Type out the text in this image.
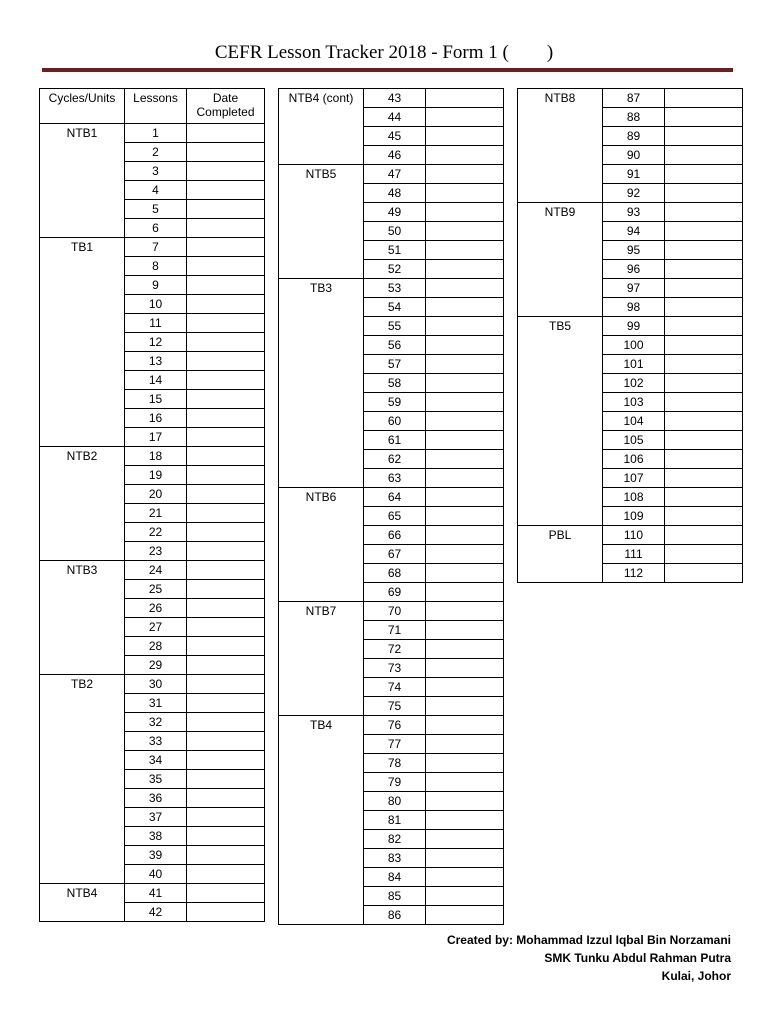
CEFR Lesson Tracker 2018 - Form 1 (        )
Cycles/Units	Lessons	Date Completed
NTB1	1	
	2	
	3	
	4	
	5	
	6	
TB1	7	
	8	
	9	
	10	
	11	
	12	
	13	
	14	
	15	
	16	
	17	
NTB2	18	
	19	
	20	
	21	
	22	
	23	
NTB3	24	
	25	
	26	
	27	
	28	
	29	
TB2	30	
	31	
	32	
	33	
	34	
	35	
	36	
	37	
	38	
	39	
	40	
NTB4	41	
	42	
NTB4 (cont)	43	
	44	
	45	
	46	
NTB5	47	
	48	
	49	
	50	
	51	
	52	
TB3	53	
	54	
	55	
	56	
	57	
	58	
	59	
	60	
	61	
	62	
	63	
NTB6	64	
	65	
	66	
	67	
	68	
	69	
NTB7	70	
	71	
	72	
	73	
	74	
	75	
TB4	76	
	77	
	78	
	79	
	80	
	81	
	82	
	83	
	84	
	85	
	86	
NTB8	87	
	88	
	89	
	90	
	91	
	92	
NTB9	93	
	94	
	95	
	96	
	97	
	98	
TB5	99	
	100	
	101	
	102	
	103	
	104	
	105	
	106	
	107	
	108	
	109	
PBL	110	
	111	
	112	
Created by: Mohammad Izzul Iqbal Bin Norzamani
SMK Tunku Abdul Rahman Putra
Kulai, Johor
